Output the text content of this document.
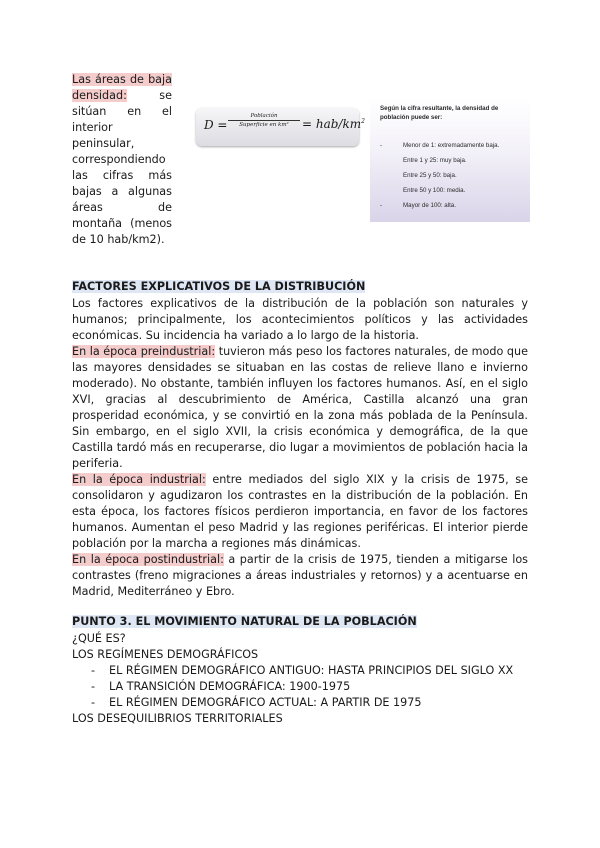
Las áreas de baja densidad: se sitúan en el interior peninsular, correspondiendo las cifras más bajas a algunas áreas de montaña (menos de 10 hab/km2).
D =
Población
Superficie en km²	= hab/$km^2$
Según la cifra resultante, la densidad de población puede ser:
-	Menor de 1: extremadamente baja.
Entre 1 y 25: muy baja.
Entre 25 y 50: baja.
Entre 50 y 100: media.
-	Mayor de 100: alta.
FACTORES EXPLICATIVOS DE LA DISTRIBUCIÓN

Los factores explicativos de la distribución de la población son naturales y humanos; principalmente, los acontecimientos políticos y las actividades económicas. Su incidencia ha variado a lo largo de la historia.

En la época preindustrial: tuvieron más peso los factores naturales, de modo que las mayores densidades se situaban en las costas de relieve llano e invierno moderado). No obstante, también influyen los factores humanos. Así, en el siglo XVI, gracias al descubrimiento de América, Castilla alcanzó una gran prosperidad económica, y se convirtió en la zona más poblada de la Península. Sin embargo, en el siglo XVII, la crisis económica y demográfica, de la que Castilla tardó más en recuperarse, dio lugar a movimientos de población hacia la periferia.

En la época industrial: entre mediados del siglo XIX y la crisis de 1975, se consolidaron y agudizaron los contrastes en la distribución de la población. En esta época, los factores físicos perdieron importancia, en favor de los factores humanos. Aumentan el peso Madrid y las regiones periféricas. El interior pierde población por la marcha a regiones más dinámicas.

En la época postindustrial: a partir de la crisis de 1975, tienden a mitigarse los contrastes (freno migraciones a áreas industriales y retornos) y a acentuarse en Madrid, Mediterráneo y Ebro.

PUNTO 3. EL MOVIMIENTO NATURAL DE LA POBLACIÓN
¿QUÉ ES?
LOS REGÍMENES DEMOGRÁFICOS
- EL RÉGIMEN DEMOGRÁFICO ANTIGUO: HASTA PRINCIPIOS DEL SIGLO XX
- LA TRANSICIÓN DEMOGRÁFICA: 1900-1975
- EL RÉGIMEN DEMOGRÁFICO ACTUAL: A PARTIR DE 1975
LOS DESEQUILIBRIOS TERRITORIALES
